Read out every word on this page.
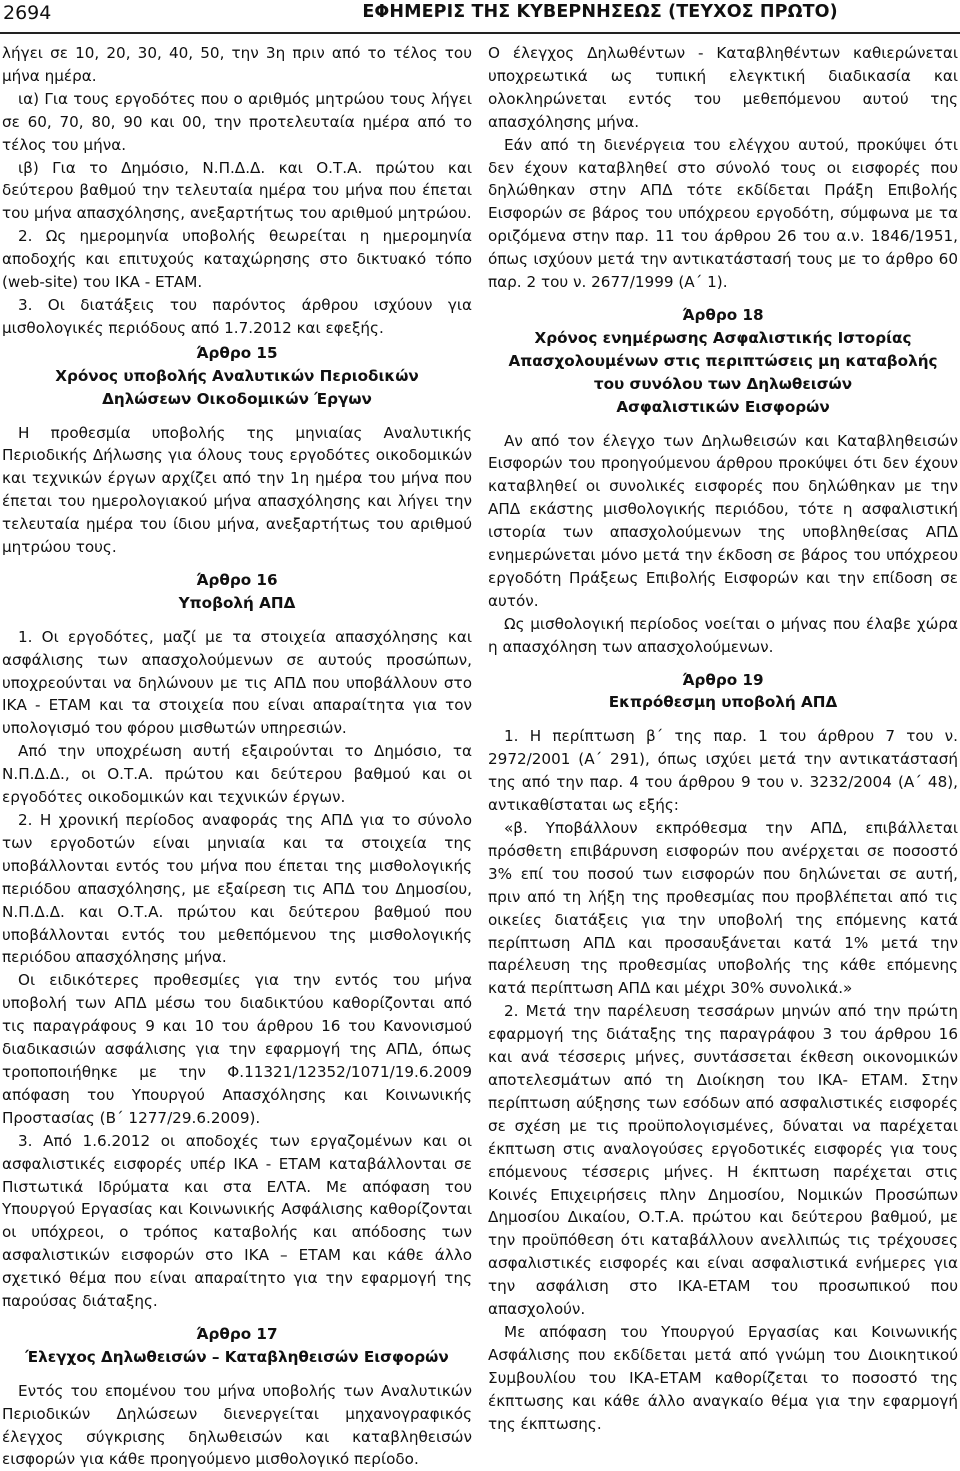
2694	ΕΦΗΜΕΡΙΣ ΤΗΣ ΚΥΒΕΡΝΗΣΕΩΣ (ΤΕΥΧΟΣ ΠΡΩΤΟ)

λήγει σε 10, 20, 30, 40, 50, την 3η πριν από το τέλος του μήνα ημέρα.

ια) Για τους εργοδότες που ο αριθμός μητρώου τους λήγει σε 60, 70, 80, 90 και 00, την προτελευταία ημέρα από το τέλος του μήνα.

ιβ) Για το Δημόσιο, Ν.Π.Δ.Δ. και Ο.Τ.Α. πρώτου και δεύτερου βαθμού την τελευταία ημέρα του μήνα που έπεται του μήνα απασχόλησης, ανεξαρτήτως του αριθμού μητρώου.

2. Ως ημερομηνία υποβολής θεωρείται η ημερομηνία αποδοχής και επιτυχούς καταχώρησης στο δικτυακό τόπο (web-site) του ΙΚΑ - ΕΤΑΜ.

3. Οι διατάξεις του παρόντος άρθρου ισχύουν για μισθολογικές περιόδους από 1.7.2012 και εφεξής.

Άρθρο 15
Χρόνος υποβολής Αναλυτικών Περιοδικών
Δηλώσεων Οικοδομικών Έργων

Η προθεσμία υποβολής της μηνιαίας Αναλυτικής Περιοδικής Δήλωσης για όλους τους εργοδότες οικοδομικών και τεχνικών έργων αρχίζει από την 1η ημέρα του μήνα που έπεται του ημερολογιακού μήνα απασχόλησης και λήγει την τελευταία ημέρα του ίδιου μήνα, ανεξαρτήτως του αριθμού μητρώου τους.

Άρθρο 16
Υποβολή ΑΠΔ

1. Οι εργοδότες, μαζί με τα στοιχεία απασχόλησης και ασφάλισης των απασχολούμενων σε αυτούς προσώπων, υποχρεούνται να δηλώνουν με τις ΑΠΔ που υποβάλλουν στο ΙΚΑ - ΕΤΑΜ και τα στοιχεία που είναι απαραίτητα για τον υπολογισμό του φόρου μισθωτών υπηρεσιών.

Από την υποχρέωση αυτή εξαιρούνται το Δημόσιο, τα Ν.Π.Δ.Δ., οι Ο.Τ.Α. πρώτου και δεύτερου βαθμού και οι εργοδότες οικοδομικών και τεχνικών έργων.

2. Η χρονική περίοδος αναφοράς της ΑΠΔ για το σύνολο των εργοδοτών είναι μηνιαία και τα στοιχεία της υποβάλλονται εντός του μήνα που έπεται της μισθολογικής περιόδου απασχόλησης, με εξαίρεση τις ΑΠΔ του Δημοσίου, Ν.Π.Δ.Δ. και Ο.Τ.Α. πρώτου και δεύτερου βαθμού που υποβάλλονται εντός του μεθεπόμενου της μισθολογικής περιόδου απασχόλησης μήνα.

Οι ειδικότερες προθεσμίες για την εντός του μήνα υποβολή των ΑΠΔ μέσω του διαδικτύου καθορίζονται από τις παραγράφους 9 και 10 του άρθρου 16 του Κανονισμού διαδικασιών ασφάλισης για την εφαρμογή της ΑΠΔ, όπως τροποποιήθηκε με την Φ.11321/12352/1071/19.6.2009 απόφαση του Υπουργού Απασχόλησης και Κοινωνικής Προστασίας (Β΄ 1277/29.6.2009).

3. Από 1.6.2012 οι αποδοχές των εργαζομένων και οι ασφαλιστικές εισφορές υπέρ ΙΚΑ - ΕΤΑΜ καταβάλλονται σε Πιστωτικά Ιδρύματα και στα ΕΛΤΑ. Με απόφαση του Υπουργού Εργασίας και Κοινωνικής Ασφάλισης καθορίζονται οι υπόχρεοι, ο τρόπος καταβολής και απόδοσης των ασφαλιστικών εισφορών στο ΙΚΑ – ΕΤΑΜ και κάθε άλλο σχετικό θέμα που είναι απαραίτητο για την εφαρμογή της παρούσας διάταξης.

Άρθρο 17
Έλεγχος Δηλωθεισών – Καταβληθεισών Εισφορών

Εντός του επομένου του μήνα υποβολής των Αναλυτικών Περιοδικών Δηλώσεων διενεργείται μηχανογραφικός έλεγχος σύγκρισης δηλωθεισών και καταβληθεισών εισφορών για κάθε προηγούμενο μισθολογικό περίοδο.

Ο έλεγχος Δηλωθέντων - Καταβληθέντων καθιερώνεται υποχρεωτικά ως τυπική ελεγκτική διαδικασία και ολοκληρώνεται εντός του μεθεπόμενου αυτού της απασχόλησης μήνα.

Εάν από τη διενέργεια του ελέγχου αυτού, προκύψει ότι δεν έχουν καταβληθεί στο σύνολό τους οι εισφορές που δηλώθηκαν στην ΑΠΔ τότε εκδίδεται Πράξη Επιβολής Εισφορών σε βάρος του υπόχρεου εργοδότη, σύμφωνα με τα οριζόμενα στην παρ. 11 του άρθρου 26 του α.ν. 1846/1951, όπως ισχύουν μετά την αντικατάστασή τους με το άρθρο 60 παρ. 2 του ν. 2677/1999 (Α΄ 1).

Άρθρο 18
Χρόνος ενημέρωσης Ασφαλιστικής Ιστορίας
Απασχολουμένων στις περιπτώσεις μη καταβολής
του συνόλου των Δηλωθεισών
Ασφαλιστικών Εισφορών

Αν από τον έλεγχο των Δηλωθεισών και Καταβληθεισών Εισφορών του προηγούμενου άρθρου προκύψει ότι δεν έχουν καταβληθεί οι συνολικές εισφορές που δηλώθηκαν με την ΑΠΔ εκάστης μισθολογικής περιόδου, τότε η ασφαλιστική ιστορία των απασχολούμενων της υποβληθείσας ΑΠΔ ενημερώνεται μόνο μετά την έκδοση σε βάρος του υπόχρεου εργοδότη Πράξεως Επιβολής Εισφορών και την επίδοση σε αυτόν.

Ως μισθολογική περίοδος νοείται ο μήνας που έλαβε χώρα η απασχόληση των απασχολούμενων.

Άρθρο 19
Εκπρόθεσμη υποβολή ΑΠΔ

1. Η περίπτωση β΄ της παρ. 1 του άρθρου 7 του ν. 2972/2001 (Α΄ 291), όπως ισχύει μετά την αντικατάστασή της από την παρ. 4 του άρθρου 9 του ν. 3232/2004 (Α΄ 48), αντικαθίσταται ως εξής:

«β. Υποβάλλουν εκπρόθεσμα την ΑΠΔ, επιβάλλεται πρόσθετη επιβάρυνση εισφορών που ανέρχεται σε ποσοστό 3% επί του ποσού των εισφορών που δηλώνεται σε αυτή, πριν από τη λήξη της προθεσμίας που προβλέπεται από τις οικείες διατάξεις για την υποβολή της επόμενης κατά περίπτωση ΑΠΔ και προσαυξάνεται κατά 1% μετά την παρέλευση της προθεσμίας υποβολής της κάθε επόμενης κατά περίπτωση ΑΠΔ και μέχρι 30% συνολικά.»

2. Μετά την παρέλευση τεσσάρων μηνών από την πρώτη εφαρμογή της διάταξης της παραγράφου 3 του άρθρου 16 και ανά τέσσερις μήνες, συντάσσεται έκθεση οικονομικών αποτελεσμάτων από τη Διοίκηση του ΙΚΑ- ΕΤΑΜ. Στην περίπτωση αύξησης των εσόδων από ασφαλιστικές εισφορές σε σχέση με τις προϋπολογισμένες, δύναται να παρέχεται έκπτωση στις αναλογούσες εργοδοτικές εισφορές για τους επόμενους τέσσερις μήνες. Η έκπτωση παρέχεται στις Κοινές Επιχειρήσεις πλην Δημοσίου, Νομικών Προσώπων Δημοσίου Δικαίου, Ο.Τ.Α. πρώτου και δεύτερου βαθμού, με την προϋπόθεση ότι καταβάλλουν ανελλιπώς τις τρέχουσες ασφαλιστικές εισφορές και είναι ασφαλιστικά ενήμερες για την ασφάλιση στο ΙΚΑ-ΕΤΑΜ του προσωπικού που απασχολούν.

Με απόφαση του Υπουργού Εργασίας και Κοινωνικής Ασφάλισης που εκδίδεται μετά από γνώμη του Διοικητικού Συμβουλίου του ΙΚΑ-ΕΤΑΜ καθορίζεται το ποσοστό της έκπτωσης και κάθε άλλο αναγκαίο θέμα για την εφαρμογή της έκπτωσης.
